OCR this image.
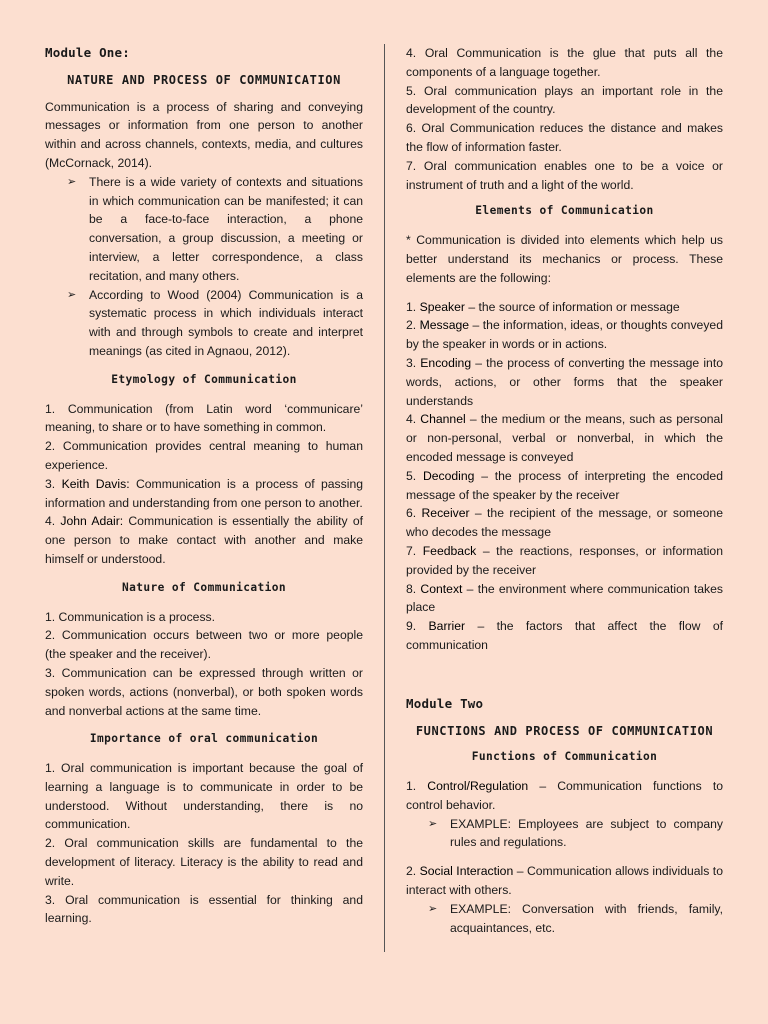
Module One:
NATURE AND PROCESS OF COMMUNICATION

Communication is a process of sharing and conveying messages or information from one person to another within and across channels, contexts, media, and cultures (McCornack, 2014).

➢	There is a wide variety of contexts and situations in which communication can be manifested; it can be a face-to-face interaction, a phone conversation, a group discussion, a meeting or interview, a letter correspondence, a class recitation, and many others.
➢	According to Wood (2004) Communication is a systematic process in which individuals interact with and through symbols to create and interpret meanings (as cited in Agnaou, 2012).
Etymology of Communication

1. Communication (from Latin word ‘communicare’ meaning, to share or to have something in common.

2. Communication provides central meaning to human experience.

3. Keith Davis: Communication is a process of passing information and understanding from one person to another.

4. John Adair: Communication is essentially the ability of one person to make contact with another and make himself or understood.

Nature of Communication

1. Communication is a process.

2. Communication occurs between two or more people (the speaker and the receiver).

3. Communication can be expressed through written or spoken words, actions (nonverbal), or both spoken words and nonverbal actions at the same time.

Importance of oral communication

1. Oral communication is important because the goal of learning a language is to communicate in order to be understood. Without understanding, there is no communication.

2. Oral communication skills are fundamental to the development of literacy. Literacy is the ability to read and write.

3. Oral communication is essential for thinking and learning.

4. Oral Communication is the glue that puts all the components of a language together.

5. Oral communication plays an important role in the development of the country.

6. Oral Communication reduces the distance and makes the flow of information faster.

7. Oral communication enables one to be a voice or instrument of truth and a light of the world.

Elements of Communication

* Communication is divided into elements which help us better understand its mechanics or process. These elements are the following:

1. Speaker – the source of information or message

2. Message – the information, ideas, or thoughts conveyed by the speaker in words or in actions.

3. Encoding – the process of converting the message into words, actions, or other forms that the speaker understands

4. Channel – the medium or the means, such as personal or non-personal, verbal or nonverbal, in which the encoded message is conveyed

5. Decoding – the process of interpreting the encoded message of the speaker by the receiver

6. Receiver – the recipient of the message, or someone who decodes the message

7. Feedback – the reactions, responses, or information provided by the receiver

8. Context – the environment where communication takes place

9. Barrier – the factors that affect the flow of communication

Module Two
FUNCTIONS AND PROCESS OF COMMUNICATION
Functions of Communication

1. Control/Regulation – Communication functions to control behavior.

➢	EXAMPLE: Employees are subject to company rules and regulations.

2. Social Interaction – Communication allows individuals to interact with others.

➢	EXAMPLE: Conversation with friends, family, acquaintances, etc.
